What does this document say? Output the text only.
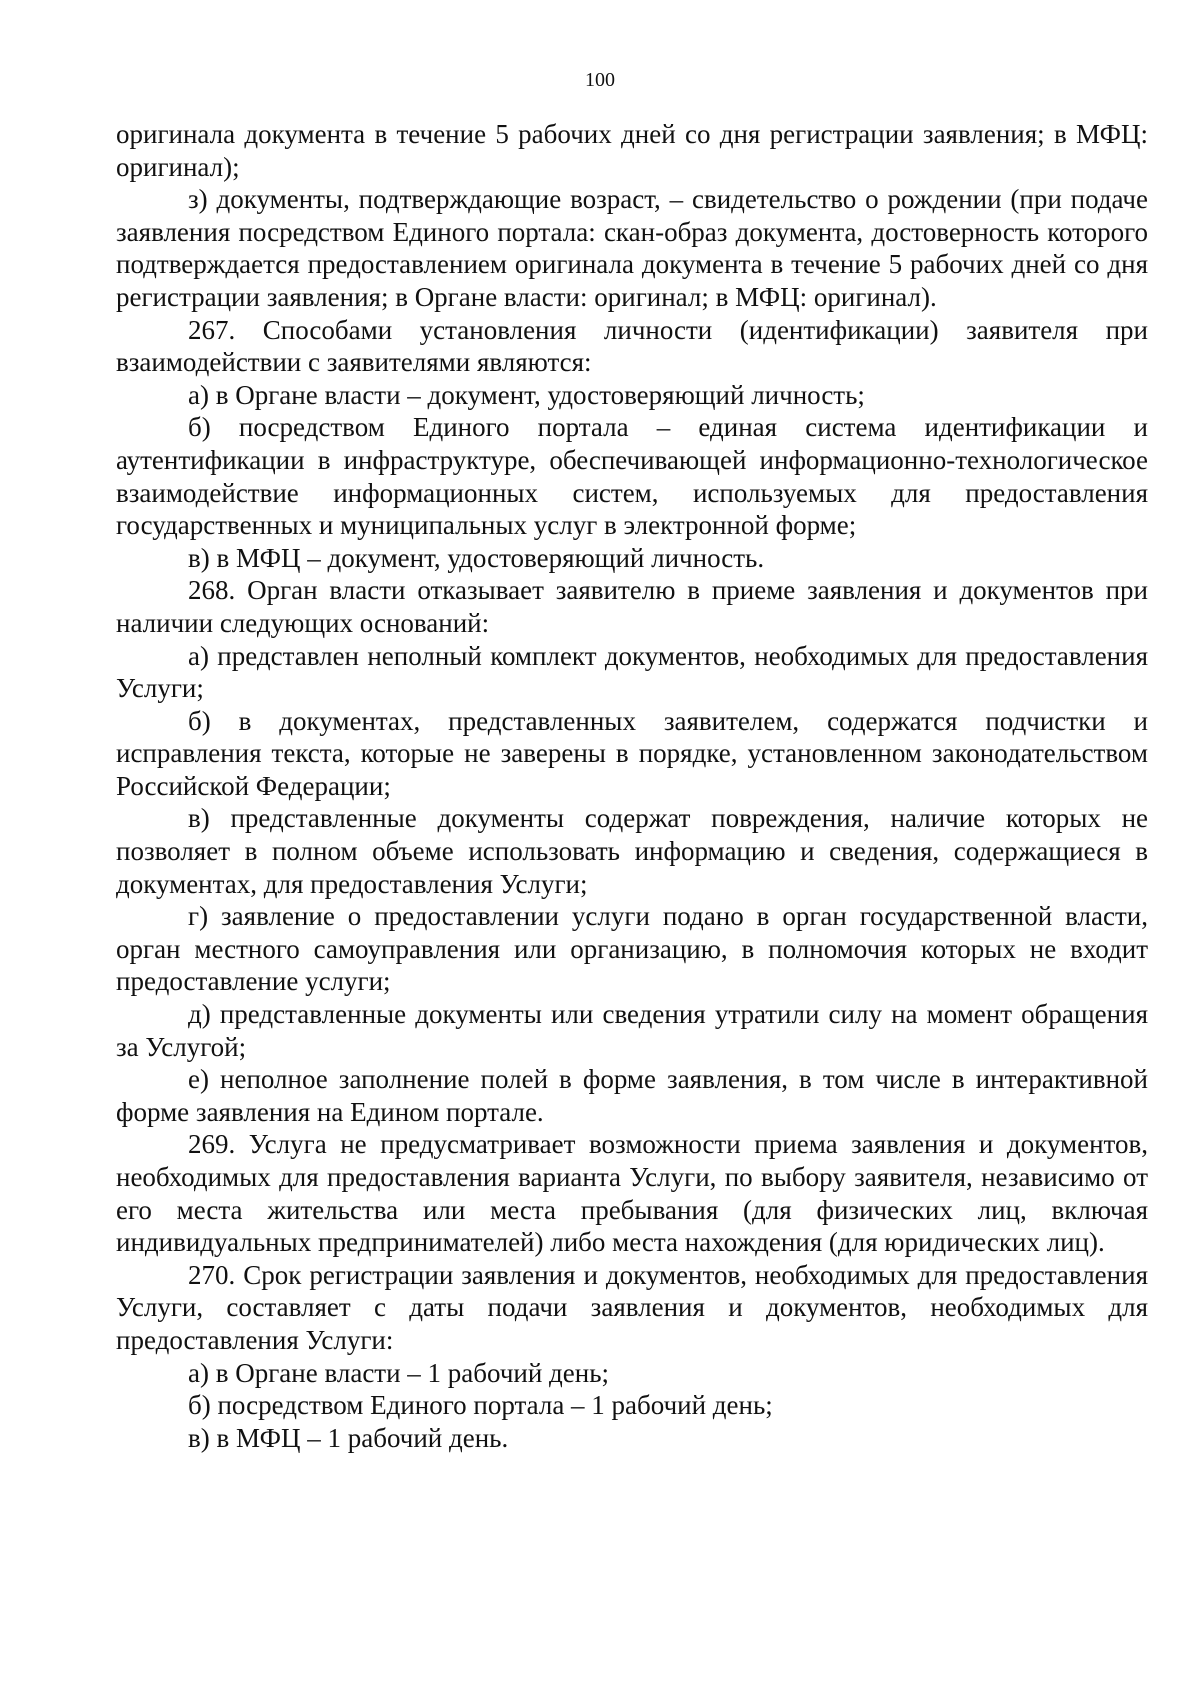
100

оригинала документа в течение 5 рабочих дней со дня регистрации заявления; в МФЦ: оригинал);

з) документы, подтверждающие возраст, – свидетельство о рождении (при подаче заявления посредством Единого портала: скан-образ документа, достоверность которого подтверждается предоставлением оригинала документа в течение 5 рабочих дней со дня регистрации заявления; в Органе власти: оригинал; в МФЦ: оригинал).

267. Способами установления личности (идентификации) заявителя при взаимодействии с заявителями являются:

а) в Органе власти – документ, удостоверяющий личность;

б) посредством Единого портала – единая система идентификации и аутентификации в инфраструктуре, обеспечивающей информационно-технологическое взаимодействие информационных систем, используемых для предоставления государственных и муниципальных услуг в электронной форме;

в) в МФЦ – документ, удостоверяющий личность.

268. Орган власти отказывает заявителю в приеме заявления и документов при наличии следующих оснований:

а) представлен неполный комплект документов, необходимых для предоставления Услуги;

б) в документах, представленных заявителем, содержатся подчистки и исправления текста, которые не заверены в порядке, установленном законодательством Российской Федерации;

в) представленные документы содержат повреждения, наличие которых не позволяет в полном объеме использовать информацию и сведения, содержащиеся в документах, для предоставления Услуги;

г) заявление о предоставлении услуги подано в орган государственной власти, орган местного самоуправления или организацию, в полномочия которых не входит предоставление услуги;

д) представленные документы или сведения утратили силу на момент обращения за Услугой;

е) неполное заполнение полей в форме заявления, в том числе в интерактивной форме заявления на Едином портале.

269. Услуга не предусматривает возможности приема заявления и документов, необходимых для предоставления варианта Услуги, по выбору заявителя, независимо от его места жительства или места пребывания (для физических лиц, включая индивидуальных предпринимателей) либо места нахождения (для юридических лиц).

270. Срок регистрации заявления и документов, необходимых для предоставления Услуги, составляет с даты подачи заявления и документов, необходимых для предоставления Услуги:

а) в Органе власти – 1 рабочий день;

б) посредством Единого портала – 1 рабочий день;

в) в МФЦ – 1 рабочий день.
